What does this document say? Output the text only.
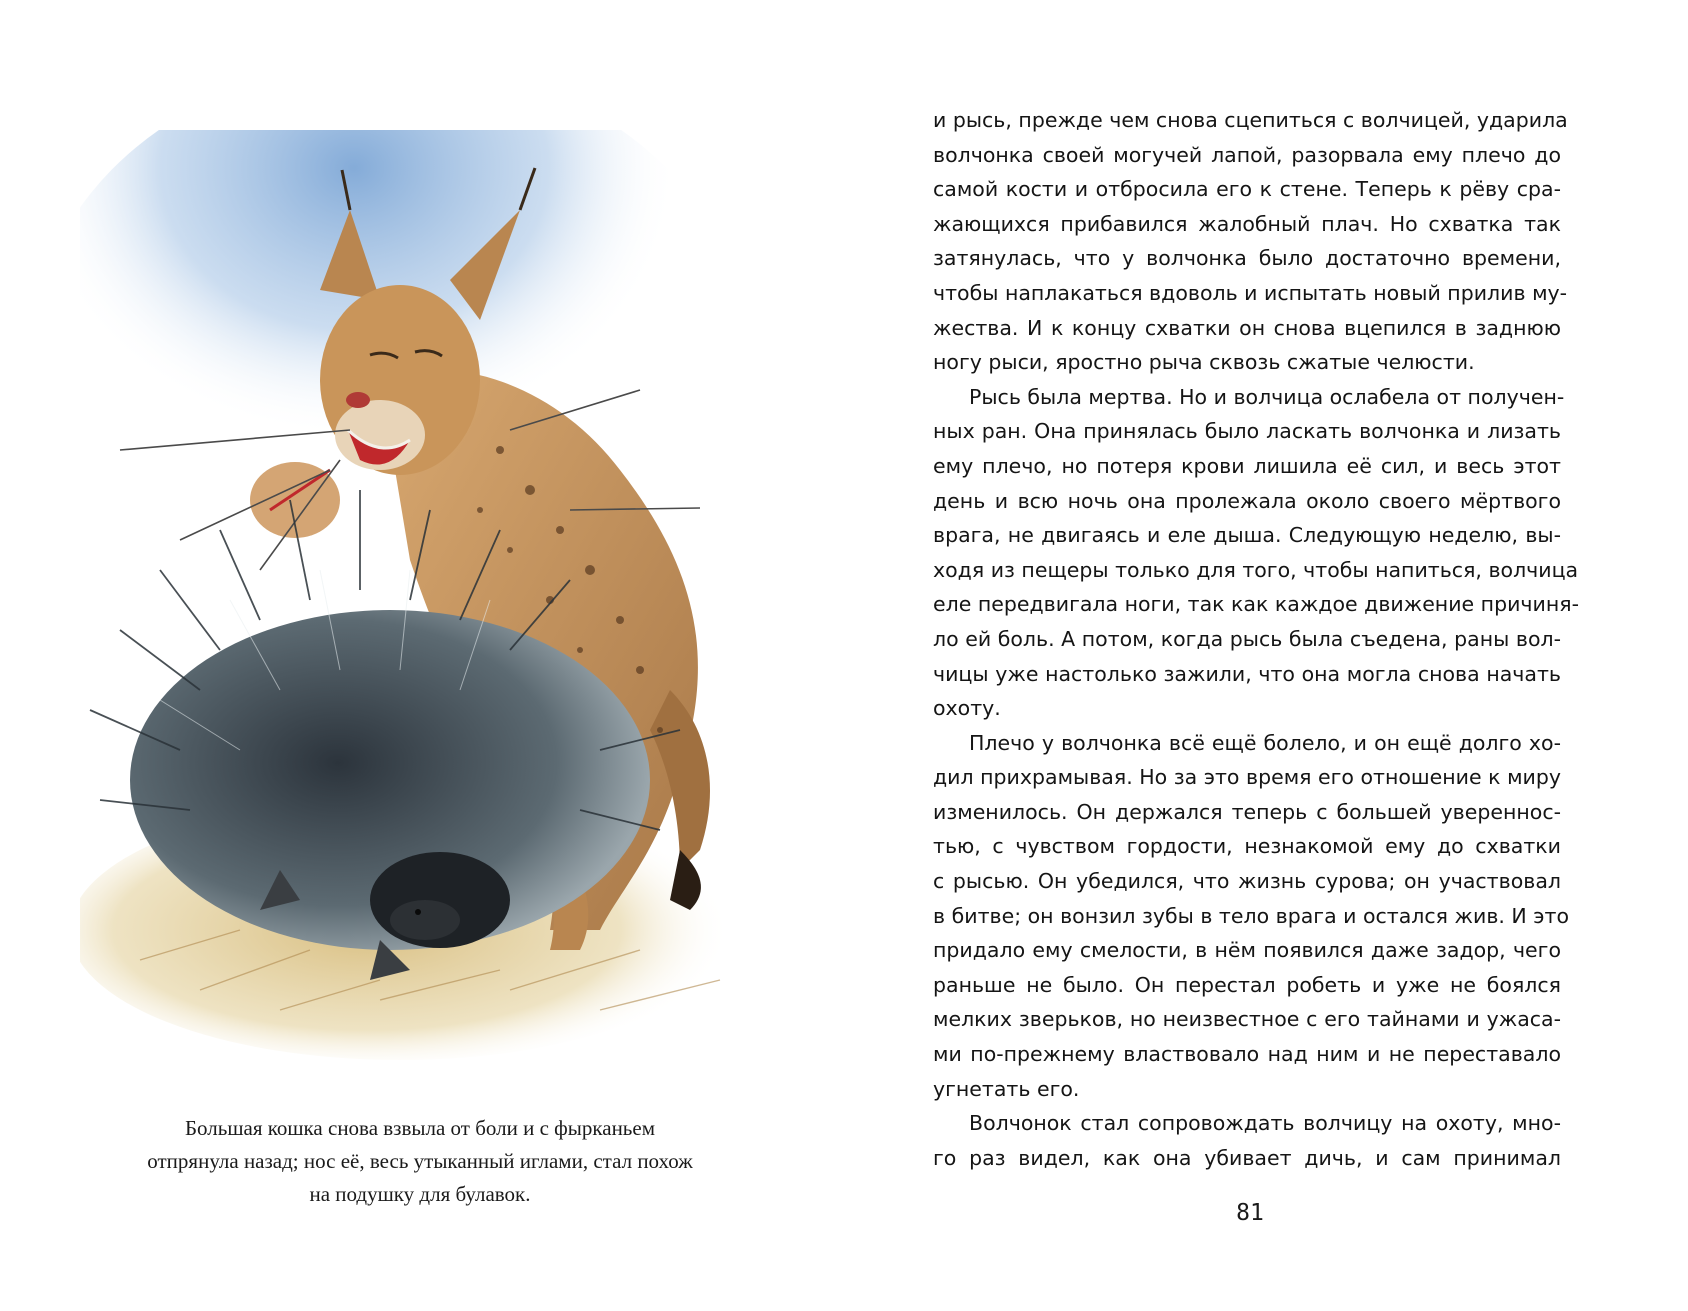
Большая кошка снова взвыла от боли и с фырканьем
отпрянула назад; нос её, весь утыканный иглами, стал похож
на подушку для булавок.
и рысь, прежде чем снова сцепиться с волчицей, ударила
волчонка своей могучей лапой, разорвала ему плечо до
самой кости и отбросила его к стене. Теперь к рёву сра-
жающихся прибавился жалобный плач. Но схватка так
затянулась, что у волчонка было достаточно времени,
чтобы наплакаться вдоволь и испытать новый прилив му-
жества. И к концу схватки он снова вцепился в заднюю
ногу рыси, яростно рыча сквозь сжатые челюсти.
Рысь была мертва. Но и волчица ослабела от получен-
ных ран. Она принялась было ласкать волчонка и лизать
ему плечо, но потеря крови лишила её сил, и весь этот
день и всю ночь она пролежала около своего мёртвого
врага, не двигаясь и еле дыша. Следующую неделю, вы-
ходя из пещеры только для того, чтобы напиться, волчица
еле передвигала ноги, так как каждое движение причиня-
ло ей боль. А потом, когда рысь была съедена, раны вол-
чицы уже настолько зажили, что она могла снова начать
охоту.
Плечо у волчонка всё ещё болело, и он ещё долго хо-
дил прихрамывая. Но за это время его отношение к миру
изменилось. Он держался теперь с большей увереннос-
тью, с чувством гордости, незнакомой ему до схватки
с рысью. Он убедился, что жизнь сурова; он участвовал
в битве; он вонзил зубы в тело врага и остался жив. И это
придало ему смелости, в нём появился даже задор, чего
раньше не было. Он перестал робеть и уже не боялся
мелких зверьков, но неизвестное с его тайнами и ужаса-
ми по-прежнему властвовало над ним и не переставало
угнетать его.
Волчонок стал сопровождать волчицу на охоту, мно-
го раз видел, как она убивает дичь, и сам принимал
81
